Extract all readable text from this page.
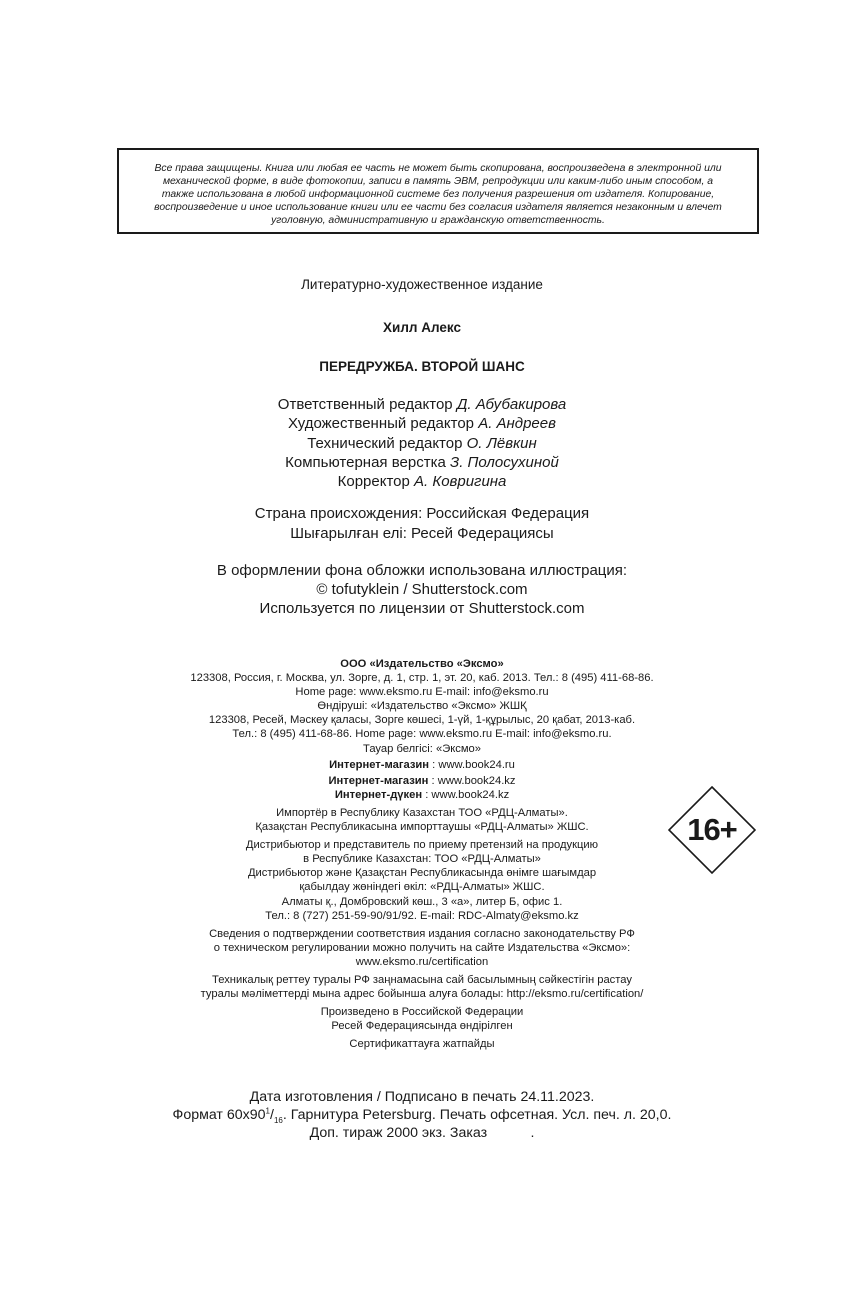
Все права защищены. Книга или любая ее часть не может быть скопирована, воспроизведена в электронной или
механической форме, в виде фотокопии, записи в память ЭВМ, репродукции или каким-либо иным способом, а
также использована в любой информационной системе без получения разрешения от издателя. Копирование,
воспроизведение и иное использование книги или ее части без согласия издателя является незаконным и влечет
уголовную, административную и гражданскую ответственность.
Литературно-художественное издание
Хилл Алекс
ПЕРЕДРУЖБА. ВТОРОЙ ШАНС
Ответственный редактор Д. Абубакирова
Художественный редактор А. Андреев
Технический редактор О. Лёвкин
Компьютерная верстка З. Полосухиной
Корректор А. Ковригина
Страна происхождения: Российская Федерация
Шығарылған елі: Ресей Федерациясы
В оформлении фона обложки использована иллюстрация:
© tofutyklein / Shutterstock.com
Используется по лицензии от Shutterstock.com
ООО «Издательство «Эксмо»
123308, Россия, г. Москва, ул. Зорге, д. 1, стр. 1, эт. 20, каб. 2013. Тел.: 8 (495) 411-68-86.
Home page: www.eksmo.ru E-mail: info@eksmo.ru
Өндіруші: «Издательство «Эксмо» ЖШҚ
123308, Ресей, Мәскеу қаласы, Зорге көшесі, 1-үй, 1-құрылыс, 20 қабат, 2013-каб.
Тел.: 8 (495) 411-68-86. Home page: www.eksmo.ru E-mail: info@eksmo.ru.
Тауар белгісі: «Эксмо»
Интернет-магазин : www.book24.ru
Интернет-магазин : www.book24.kz
Интернет-дүкен : www.book24.kz
Импортёр в Республику Казахстан ТОО «РДЦ-Алматы».
Қазақстан Республикасына импорттаушы «РДЦ-Алматы» ЖШС.
Дистрибьютор и представитель по приему претензий на продукцию
в Республике Казахстан: ТОО «РДЦ-Алматы»
Дистрибьютор және Қазақстан Республикасында өнімге шағымдар
қабылдау жөніндегі өкіл: «РДЦ-Алматы» ЖШС.
Алматы қ., Домбровский көш., 3 «а», литер Б, офис 1.
Тел.: 8 (727) 251-59-90/91/92. E-mail: RDC-Almaty@eksmo.kz
Сведения о подтверждении соответствия издания согласно законодательству РФ
о техническом регулировании можно получить на сайте Издательства «Эксмо»:
www.eksmo.ru/certification
Техникалық реттеу туралы РФ заңнамасына сай басылымның сәйкестігін растау
туралы мәліметтерді мына адрес бойынша алуға болады: http://eksmo.ru/certification/
Произведено в Российской Федерации
Ресей Федерациясында өндірілген
Сертификаттауға жатпайды
16+
Дата изготовления / Подписано в печать 24.11.2023.
Формат $60x90^1/_{16}$. Гарнитура Petersburg. Печать офсетная. Усл. печ. л. 20,0.
Доп. тираж 2000 экз. Заказ           .
